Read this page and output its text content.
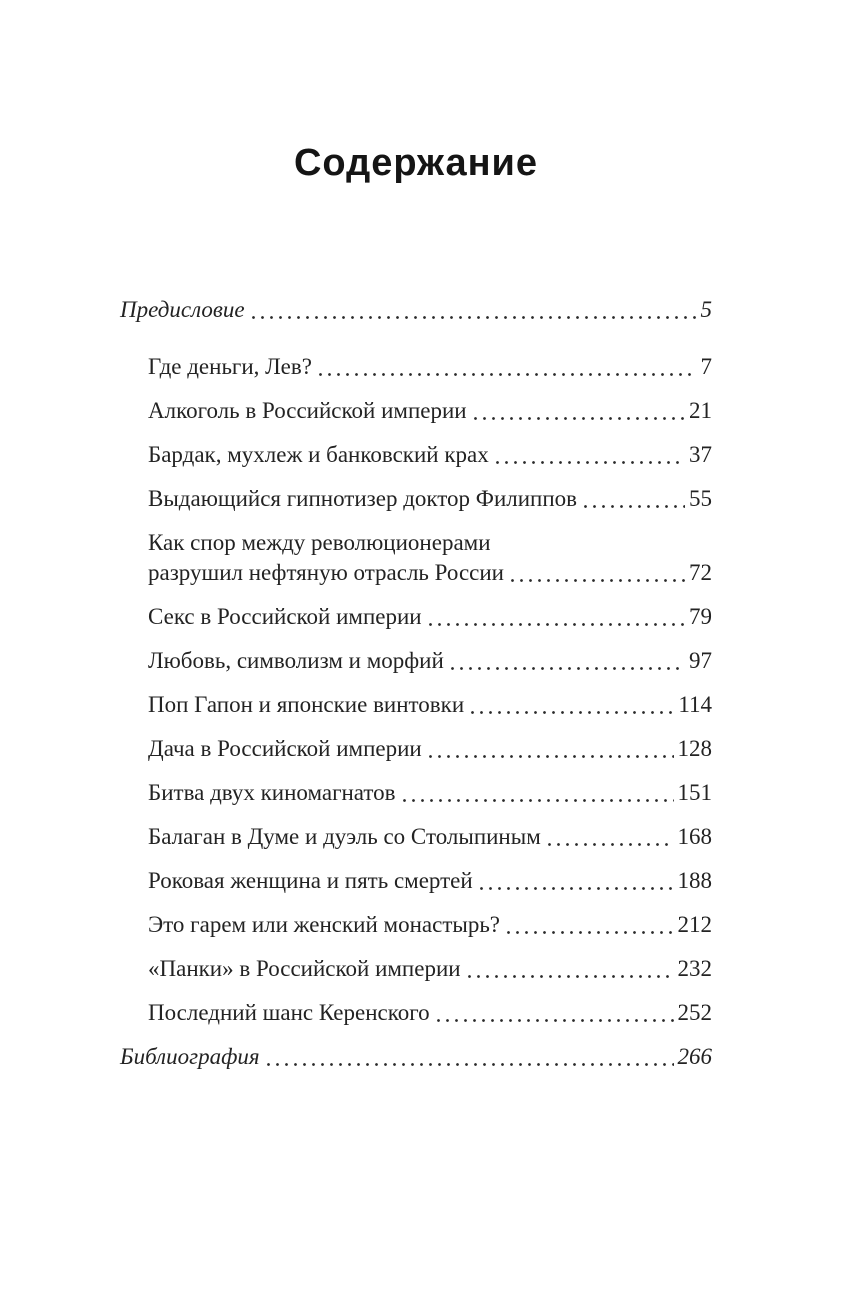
Содержание
Предисловие	5
Где деньги, Лев?	7
Алкоголь в Российской империи	21
Бардак, мухлеж и банковский крах	37
Выдающийся гипнотизер доктор Филиппов	55
Как спор между революционерами
разрушил нефтяную отрасль России	72
Секс в Российской империи	79
Любовь, символизм и морфий	97
Поп Гапон и японские винтовки	114
Дача в Российской империи	128
Битва двух киномагнатов	151
Балаган в Думе и дуэль со Столыпиным	168
Роковая женщина и пять смертей	188
Это гарем или женский монастырь?	212
«Панки» в Российской империи	232
Последний шанс Керенского	252
Библиография	266
